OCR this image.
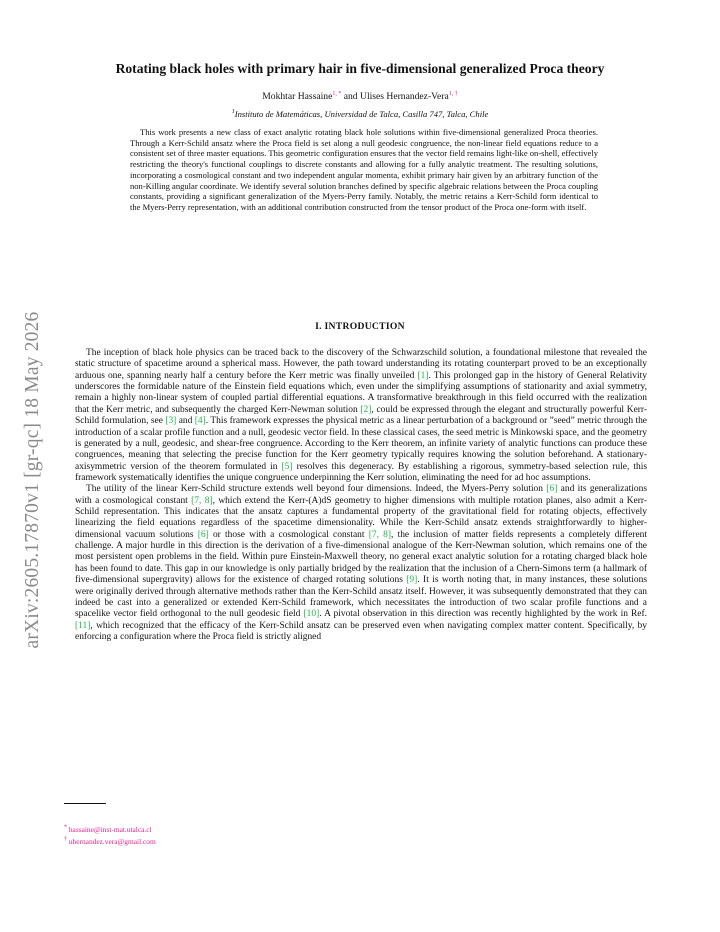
arXiv:2605.17870v1 [gr-qc] 18 May 2026
Rotating black holes with primary hair in five-dimensional generalized Proca theory
Mokhtar Hassaine$^{1, *}$ and Ulises Hernandez-Vera$^{1, \dagger}$
$^1$Instituto de Matemáticas, Universidad de Talca, Casilla 747, Talca, Chile

This work presents a new class of exact analytic rotating black hole solutions within five-dimensional generalized Proca theories. Through a Kerr-Schild ansatz where the Proca field is set along a null geodesic congruence, the non-linear field equations reduce to a consistent set of three master equations. This geometric configuration ensures that the vector field remains light-like on-shell, effectively restricting the theory's functional couplings to discrete constants and allowing for a fully analytic treatment. The resulting solutions, incorporating a cosmological constant and two independent angular momenta, exhibit primary hair given by an arbitrary function of the non-Killing angular coordinate. We identify several solution branches defined by specific algebraic relations between the Proca coupling constants, providing a significant generalization of the Myers-Perry family. Notably, the metric retains a Kerr-Schild form identical to the Myers-Perry representation, with an additional contribution constructed from the tensor product of the Proca one-form with itself.

I. INTRODUCTION

The inception of black hole physics can be traced back to the discovery of the Schwarzschild solution, a foundational milestone that revealed the static structure of spacetime around a spherical mass. However, the path toward understanding its rotating counterpart proved to be an exceptionally arduous one, spanning nearly half a century before the Kerr metric was finally unveiled [1]. This prolonged gap in the history of General Relativity underscores the formidable nature of the Einstein field equations which, even under the simplifying assumptions of stationarity and axial symmetry, remain a highly non-linear system of coupled partial differential equations. A transformative breakthrough in this field occurred with the realization that the Kerr metric, and subsequently the charged Kerr-Newman solution [2], could be expressed through the elegant and structurally powerful Kerr-Schild formulation, see [3] and [4]. This framework expresses the physical metric as a linear perturbation of a background or ”seed” metric through the introduction of a scalar profile function and a null, geodesic vector field. In these classical cases, the seed metric is Minkowski space, and the geometry is generated by a null, geodesic, and shear-free congruence. According to the Kerr theorem, an infinite variety of analytic functions can produce these congruences, meaning that selecting the precise function for the Kerr geometry typically requires knowing the solution beforehand. A stationary-axisymmetric version of the theorem formulated in [5] resolves this degeneracy. By establishing a rigorous, symmetry-based selection rule, this framework systematically identifies the unique congruence underpinning the Kerr solution, eliminating the need for ad hoc assumptions.

The utility of the linear Kerr-Schild structure extends well beyond four dimensions. Indeed, the Myers-Perry solution [6] and its generalizations with a cosmological constant [7, 8], which extend the Kerr-(A)dS geometry to higher dimensions with multiple rotation planes, also admit a Kerr-Schild representation. This indicates that the ansatz captures a fundamental property of the gravitational field for rotating objects, effectively linearizing the field equations regardless of the spacetime dimensionality. While the Kerr-Schild ansatz extends straightforwardly to higher-dimensional vacuum solutions [6] or those with a cosmological constant [7, 8], the inclusion of matter fields represents a completely different challenge. A major hurdle in this direction is the derivation of a five-dimensional analogue of the Kerr-Newman solution, which remains one of the most persistent open problems in the field. Within pure Einstein-Maxwell theory, no general exact analytic solution for a rotating charged black hole has been found to date. This gap in our knowledge is only partially bridged by the realization that the inclusion of a Chern-Simons term (a hallmark of five-dimensional supergravity) allows for the existence of charged rotating solutions [9]. It is worth noting that, in many instances, these solutions were originally derived through alternative methods rather than the Kerr-Schild ansatz itself. However, it was subsequently demonstrated that they can indeed be cast into a generalized or extended Kerr-Schild framework, which necessitates the introduction of two scalar profile functions and a spacelike vector field orthogonal to the null geodesic field [10]. A pivotal observation in this direction was recently highlighted by the work in Ref. [11], which recognized that the efficacy of the Kerr-Schild ansatz can be preserved even when navigating complex matter content. Specifically, by enforcing a configuration where the Proca field is strictly aligned

* hassaine@inst-mat.utalca.cl
† uhernandez.vera@gmail.com
